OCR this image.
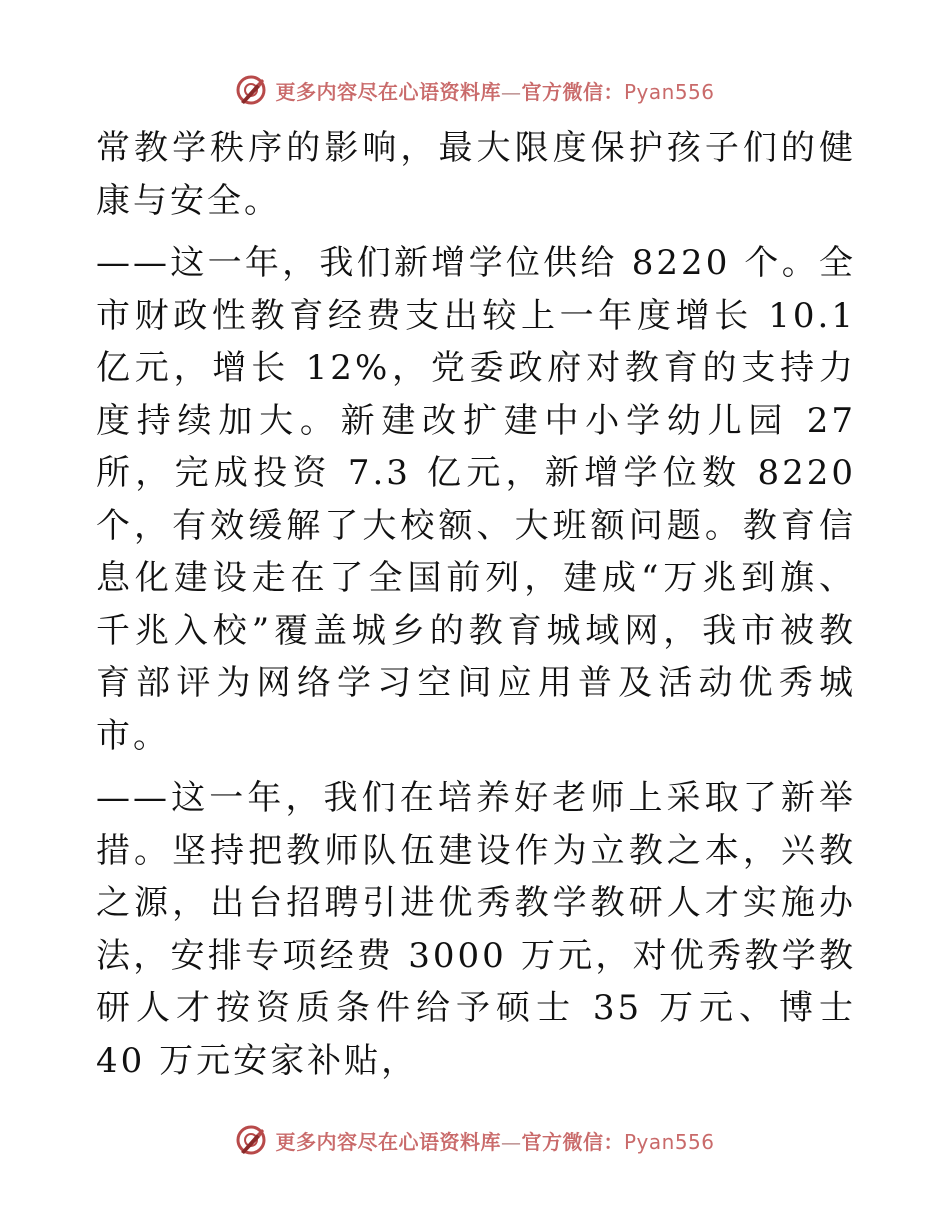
更多内容尽在心语资料库—官方微信：Pyan556

常教学秩序的影响，最大限度保护孩子们的健康与安全。

——这一年，我们新增学位供给 8220 个。全市财政性教育经费支出较上一年度增长 10.1 亿元，增长 12%，党委政府对教育的支持力度持续加大。新建改扩建中小学幼儿园 27 所，完成投资 7.3 亿元，新增学位数 8220 个，有效缓解了大校额、大班额问题。教育信息化建设走在了全国前列，建成“万兆到旗、千兆入校”覆盖城乡的教育城域网，我市被教育部评为网络学习空间应用普及活动优秀城市。

——这一年，我们在培养好老师上采取了新举措。坚持把教师队伍建设作为立教之本，兴教之源，出台招聘引进优秀教学教研人才实施办法，安排专项经费 3000 万元，对优秀教学教研人才按资质条件给予硕士 35 万元、博士 40 万元安家补贴，

更多内容尽在心语资料库—官方微信：Pyan556
